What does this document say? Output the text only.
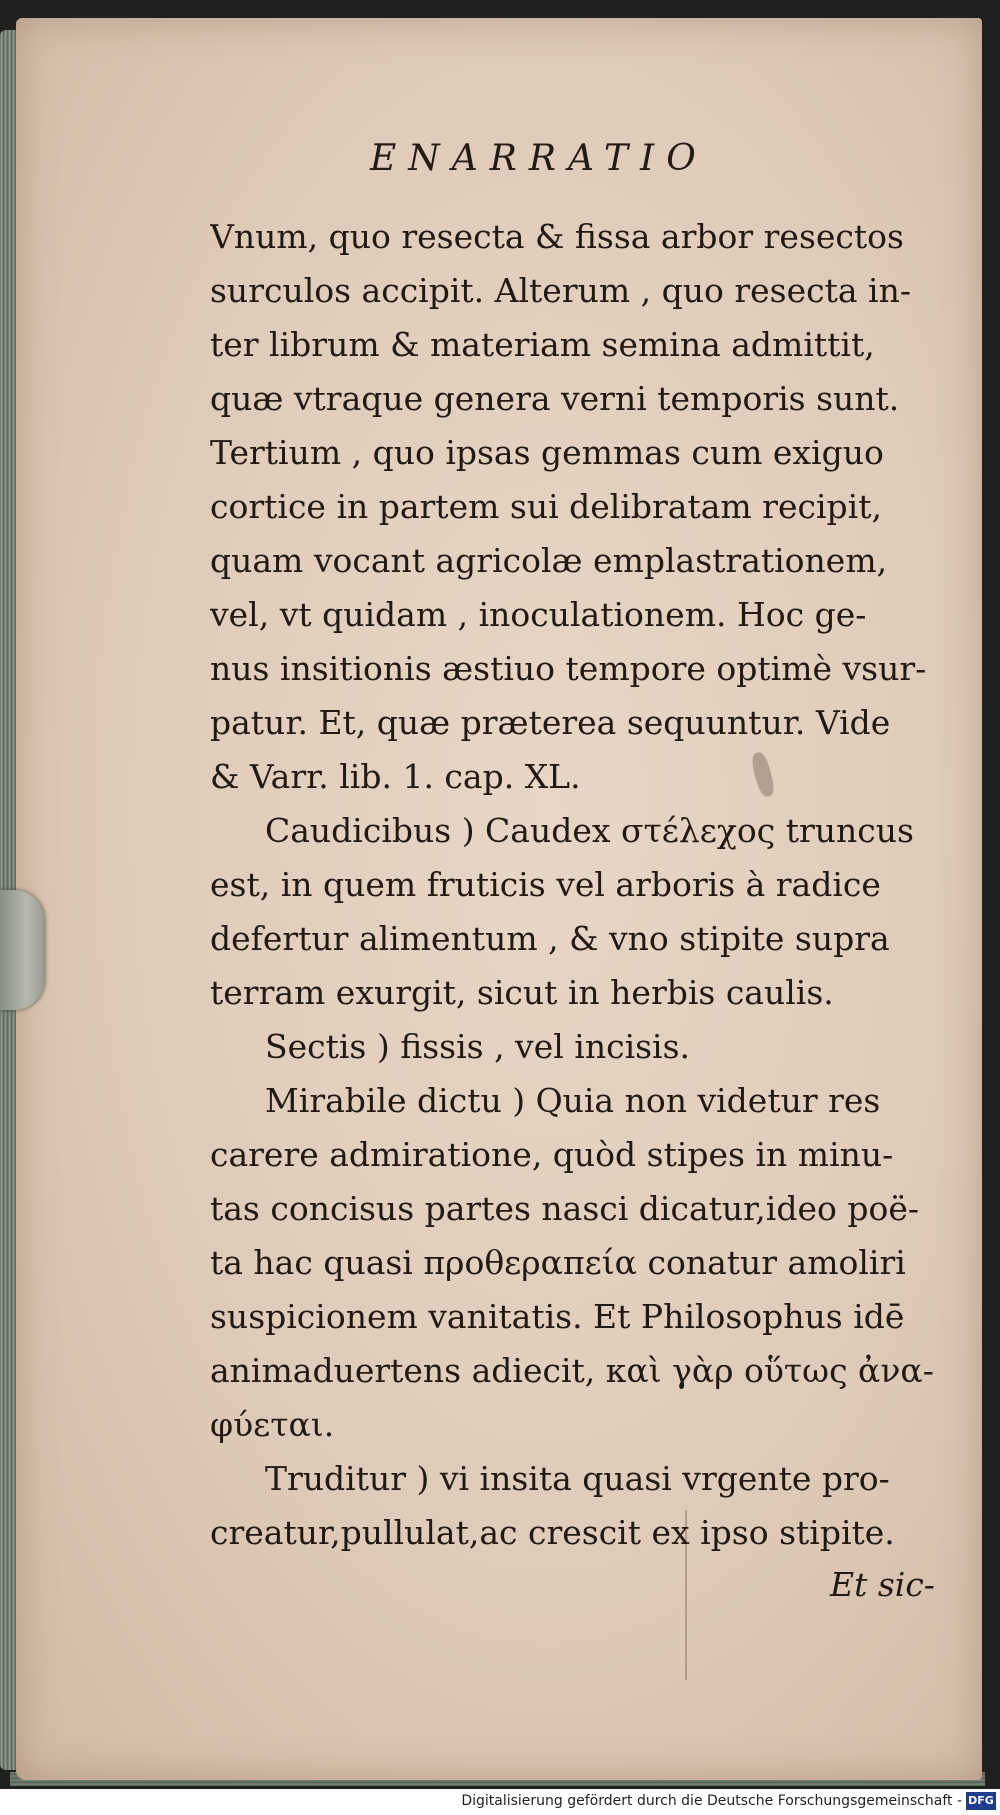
ENARRATIO
Vnum, quo resecta & fissa arbor resectos
surculos accipit. Alterum , quo resecta in-
ter librum & materiam semina admittit,
quæ vtraque genera verni temporis sunt.
Tertium , quo ipsas gemmas cum exiguo
cortice in partem sui delibratam recipit,
quam vocant agricolæ emplastrationem,
vel, vt quidam , inoculationem. Hoc ge-
nus insitionis æstiuo tempore optimè vsur-
patur. Et, quæ præterea sequuntur. Vide
& Varr. lib. 1. cap. XL.
Caudicibus ) Caudex στέλεχος truncus
est, in quem fruticis vel arboris à radice
defertur alimentum , & vno stipite supra
terram exurgit, sicut in herbis caulis.
Sectis ) fissis , vel incisis.
Mirabile dictu ) Quia non videtur res
carere admiratione, quòd stipes in minu-
tas concisus partes nasci dicatur,ideo poë-
ta hac quasi προθεραπεία conatur amoliri
suspicionem vanitatis. Et Philosophus idē
animaduertens adiecit, καὶ γὰρ οὕτως ἀνα-
φύεται.
Truditur ) vi insita quasi vrgente pro-
creatur,pullulat,ac crescit ex ipso stipite.
Et sic-
Digitalisierung gefördert durch die Deutsche Forschungsgemeinschaft - DFG
